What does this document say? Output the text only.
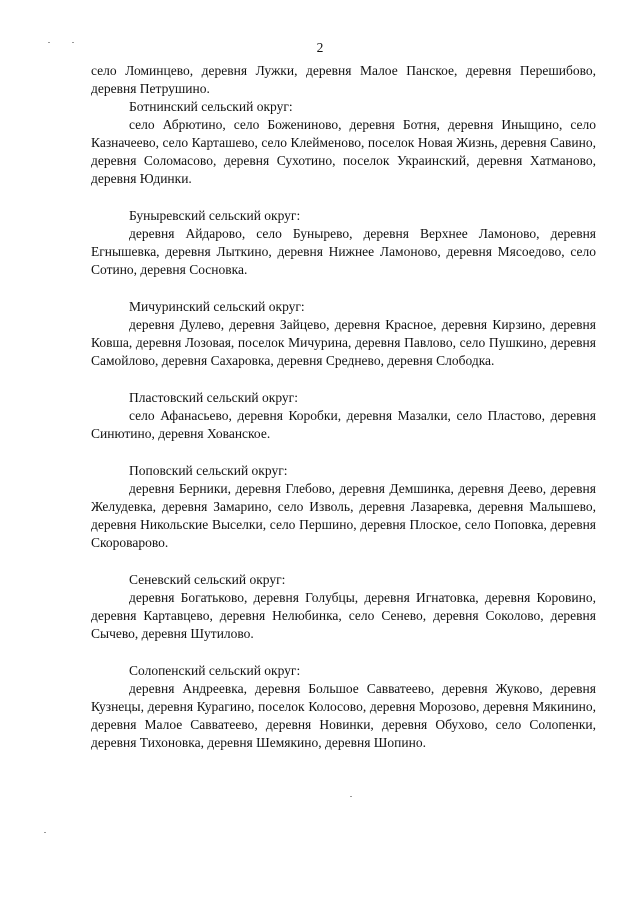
2

село Ломинцево, деревня Лужки, деревня Малое Панское, деревня Перешибово, деревня Петрушино.

Ботнинский сельский округ:

село Абрютино, село Божениново, деревня Ботня, деревня Иныщино, село Казначеево, село Карташево, село Клейменово, поселок Новая Жизнь, деревня Савино, деревня Соломасово, деревня Сухотино, поселок Украинский, деревня Хатманово, деревня Юдинки.

Буныревский сельский округ:

деревня Айдарово, село Бунырево, деревня Верхнее Ламоново, деревня Егнышевка, деревня Лыткино, деревня Нижнее Ламоново, деревня Мясоедово, село Сотино, деревня Сосновка.

Мичуринский сельский округ:

деревня Дулево, деревня Зайцево, деревня Красное, деревня Кирзино, деревня Ковша, деревня Лозовая, поселок Мичурина, деревня Павлово, село Пушкино, деревня Самойлово, деревня Сахаровка, деревня Среднево, деревня Слободка.

Пластовский сельский округ:

село Афанасьево, деревня Коробки, деревня Мазалки, село Пластово, деревня Синютино, деревня Хованское.

Поповский сельский округ:

деревня Берники, деревня Глебово, деревня Демшинка, деревня Деево, деревня Желудевка, деревня Замарино, село Изволь, деревня Лазаревка, деревня Малышево, деревня Никольские Выселки, село Першино, деревня Плоское, село Поповка, деревня Скороварово.

Сеневский сельский округ:

деревня Богатьково, деревня Голубцы, деревня Игнатовка, деревня Коровино, деревня Картавцево, деревня Нелюбинка, село Сенево, деревня Соколово, деревня Сычево, деревня Шутилово.

Солопенский сельский округ:

деревня Андреевка, деревня Большое Савватеево, деревня Жуково, деревня Кузнецы, деревня Курагино, поселок Колосово, деревня Морозово, деревня Мякинино, деревня Малое Савватеево, деревня Новинки, деревня Обухово, село Солопенки, деревня Тихоновка, деревня Шемякино, деревня Шопино.
